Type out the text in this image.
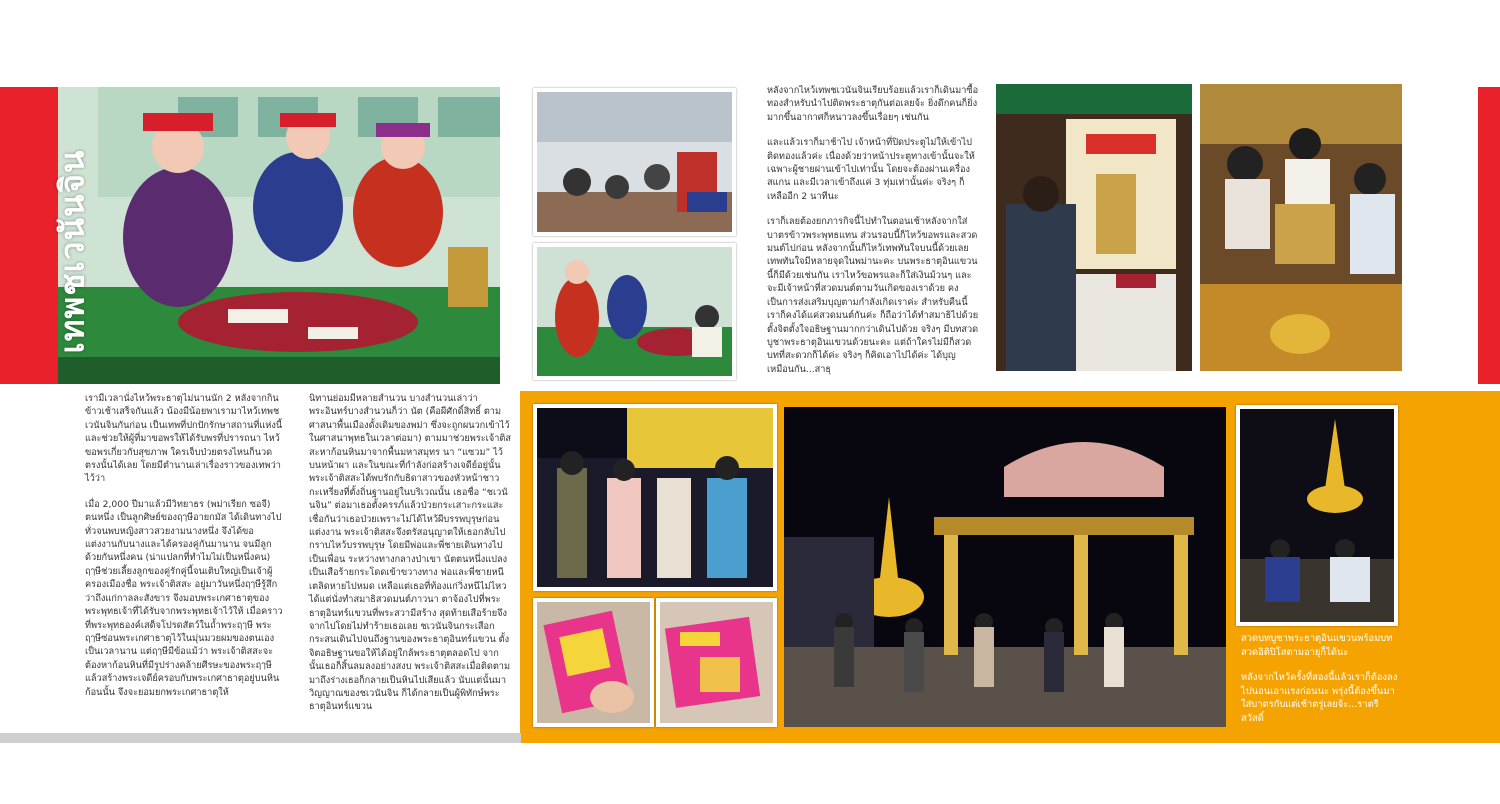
เทพชเวนันจิน

เรามีเวลานั่งไหว้พระธาตุไม่นานนัก 2 หลังจากกินข้าวเช้าเสร็จกันแล้ว น้องมีน้อยพาเรามาไหว้เทพชเวนันจินกันก่อน เป็นเทพที่ปกปักรักษาสถานที่แห่งนี้ และช่วยให้ผู้ที่มาขอพรให้ได้รับพรที่ปรารถนา ไหว้ขอพรเกี่ยวกับสุขภาพ ใครเจ็บป่วยตรงไหนก็นวดตรงนั้นได้เลย โดยมีตำนานเล่าเรื่องราวของเทพว่าไว้ว่า

เมื่อ 2,000 ปีมาแล้วมีวิทยาธร (พม่าเรียก ซอจี) ตนหนึ่ง เป็นลูกศิษย์ของฤๅษีอายกมัส ได้เดินทางไปทั่วจนพบหญิงสาวสวยงามนางหนึ่ง จึงได้ขอแต่งงานกับนางและได้ครองคู่กันมานาน จนมีลูกด้วยกันหนึ่งคน (น่าแปลกที่ทำไมไม่เป็นหนึ่งคน) ฤๅษีช่วยเลี้ยงลูกของคู่รักคู่นี้จนเติบใหญ่เป็นเจ้าผู้ครองเมืองชื่อ พระเจ้าติสสะ อยู่มาวันหนึ่งฤๅษีรู้สึกว่าถึงแก่กาลละสังขาร จึงมอบพระเกศาธาตุของพระพุทธเจ้าที่ได้รับจากพระพุทธเจ้าไว้ให้ เมื่อคราวที่พระพุทธองค์เสด็จโปรดสัตว์ในถ้ำพระฤๅษี พระฤๅษีซ่อนพระเกศาธาตุไว้ในมุ่นมวยผมของตนเองเป็นเวลานาน แต่ฤๅษีมีข้อแม้ว่า พระเจ้าติสสะจะต้องหาก้อนหินที่มีรูปร่างคล้ายศีรษะของพระฤๅษี แล้วสร้างพระเจดีย์ครอบกับพระเกศาธาตุอยู่บนหินก้อนนั้น จึงจะยอมยกพระเกศาธาตุให้

นิทานย่อมมีหลายสำนวน บางสำนวนเล่าว่า พระอินทร์บางสำนวนก็ว่า นัต (คือผีศักดิ์สิทธิ์ ตามศาสนาพื้นเมืองดั้งเดิมของพม่า ซึ่งจะถูกผนวกเข้าไว้ในศาสนาพุทธในเวลาต่อมา) ตามมาช่วยพระเจ้าติสสะหาก้อนหินมาจากพื้นมหาสมุทร นา “แซวม” ไว้บนหน้าผา และในขณะที่กำลังก่อสร้างเจดีย์อยู่นั้น พระเจ้าติสสะได้พบรักกับธิดาสาวของหัวหน้าชาวกะเหรี่ยงที่ตั้งถิ่นฐานอยู่ในบริเวณนั้น เธอชื่อ “ชเวนันจิน” ต่อมาเธอตั้งครรภ์แล้วป่วยกระเสาะกระแสะ เชื่อกันว่าเธอป่วยเพราะไม่ได้ไหว้ผีบรรพบุรุษก่อนแต่งงาน พระเจ้าติสสะจึงตรัสอนุญาตให้เธอกลับไปกราบไหว้บรรพบุรุษ โดยมีพ่อและพี่ชายเดินทางไปเป็นเพื่อน ระหว่างทางกลางป่าเขา นัตตนหนึ่งแปลงเป็นเสือร้ายกระโดดเข้าขวางทาง พ่อและพี่ชายหนีเตลิดหายไปหมด เหลือแต่เธอที่ท้องแก่วิ่งหนีไม่ไหวได้แต่นั่งทำสมาธิสวดมนต์ภาวนา ตาจ้องไปที่พระธาตุอินทร์แขวนที่พระสวามีสร้าง สุดท้ายเสือร้ายจึงจากไปโดยไม่ทำร้ายเธอเลย ชเวนันจินกระเสือกกระสนเดินไปจนถึงฐานของพระธาตุอินทร์แขวน ตั้งจิตอธิษฐานขอให้ได้อยู่ใกล้พระธาตุตลอดไป จากนั้นเธอก็สิ้นลมลงอย่างสงบ พระเจ้าติสสะเมื่อติดตามมาถึงร่างเธอก็กลายเป็นหินไปเสียแล้ว นับแต่นั้นมาวิญญาณของชเวนันจิน ก็ได้กลายเป็นผู้พิทักษ์พระธาตุอินทร์แขวน

หลังจากไหว้เทพชเวนันจินเรียบร้อยแล้วเราก็เดินมาซื้อทองสำหรับนำไปติดพระธาตุกันต่อเลยจ้ะ ยิ่งดึกคนก็ยิ่งมากขึ้นอากาศก็หนาวลงขึ้นเรื่อยๆ เช่นกัน

และแล้วเราก็มาช้าไป เจ้าหน้าที่ปิดประตูไม่ให้เข้าไปติดทองแล้วค่ะ เนื่องด้วยว่าหน้าประตูทางเข้านั้นจะให้เฉพาะผู้ชายผ่านเข้าไปเท่านั้น โดยจะต้องผ่านเครื่องสแกน และมีเวลาเข้าถึงแค่ 3 ทุ่มเท่านั้นค่ะ จริงๆ ก็เหลืออีก 2 นาทีนะ

เราก็เลยต้องยกภารกิจนี้ไปทำในตอนเช้าหลังจากใส่บาตรข้าวพระพุทธแทน ส่วนรอบนี้ก็ไหว้ขอพรและสวดมนต์ไปก่อน หลังจากนั้นก็ไหว้เทพทันใจบนนี้ด้วยเลย เทพทันใจมีหลายจุดในพม่านะคะ บนพระธาตุอินแขวนนี้ก็มีด้วยเช่นกัน เราไหว้ขอพรและก็ใส่เงินม้วนๆ และจะมีเจ้าหน้าที่สวดมนต์ตามวันเกิดของเราด้วย คงเป็นการส่งเสริมบุญตามกำลังเกิดเราค่ะ สำหรับคืนนี้เราก็คงได้แค่สวดมนต์กันค่ะ ก็ถือว่าได้ทำสมาธิไปด้วย ตั้งจิตตั้งใจอธิษฐานมากกว่าเดินไปด้วย จริงๆ มีบทสวดบูชาพระธาตุอินแขวนด้วยนะคะ แต่ถ้าใครไม่มีก็สวดบทที่สะดวกก็ได้ค่ะ จริงๆ ก็คิดเอาไปได้ค่ะ ได้บุญเหมือนกัน...สาธุ

สวดบทบูชาพระธาตุอินแขวนพร้อมบทสวดอิติปิโสตามอายุก็ได้นะ

หลังจากไหว้ครั้งที่สองนี้แล้วเราก็ต้องลงไปนอนเอาแรงก่อนนะ พรุ่งนี้ต้องขึ้นมาใส่บาตรกับแต่เช้าตรู่เลยจ้ะ...ราตรีสวัสดิ์
